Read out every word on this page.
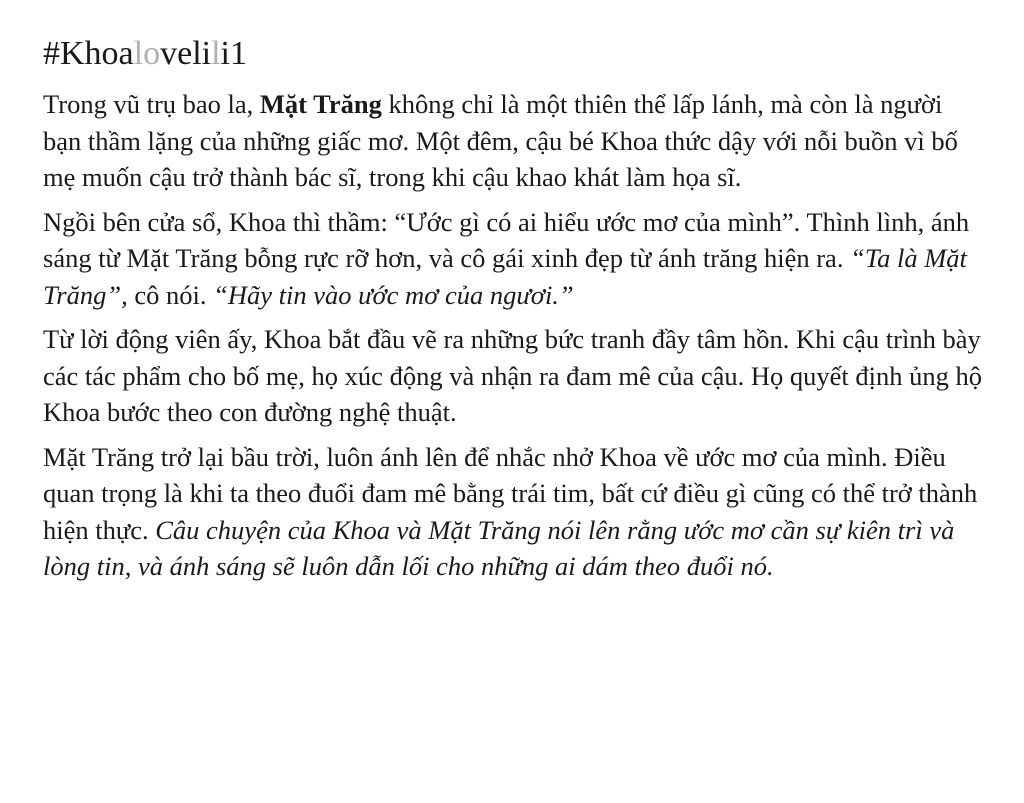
#Khoalovelili1

Trong vũ trụ bao la, Mặt Trăng không chỉ là một thiên thể lấp lánh, mà còn là người bạn thầm lặng của những giấc mơ. Một đêm, cậu bé Khoa thức dậy với nỗi buồn vì bố mẹ muốn cậu trở thành bác sĩ, trong khi cậu khao khát làm họa sĩ.

Ngồi bên cửa sổ, Khoa thì thầm: “Ước gì có ai hiểu ước mơ của mình”. Thình lình, ánh sáng từ Mặt Trăng bỗng rực rỡ hơn, và cô gái xinh đẹp từ ánh trăng hiện ra. “Ta là Mặt Trăng”, cô nói. “Hãy tin vào ước mơ của ngươi.”

Từ lời động viên ấy, Khoa bắt đầu vẽ ra những bức tranh đầy tâm hồn. Khi cậu trình bày các tác phẩm cho bố mẹ, họ xúc động và nhận ra đam mê của cậu. Họ quyết định ủng hộ Khoa bước theo con đường nghệ thuật.

Mặt Trăng trở lại bầu trời, luôn ánh lên để nhắc nhở Khoa về ước mơ của mình. Điều quan trọng là khi ta theo đuổi đam mê bằng trái tim, bất cứ điều gì cũng có thể trở thành hiện thực. Câu chuyện của Khoa và Mặt Trăng nói lên rằng ước mơ cần sự kiên trì và lòng tin, và ánh sáng sẽ luôn dẫn lối cho những ai dám theo đuổi nó.
